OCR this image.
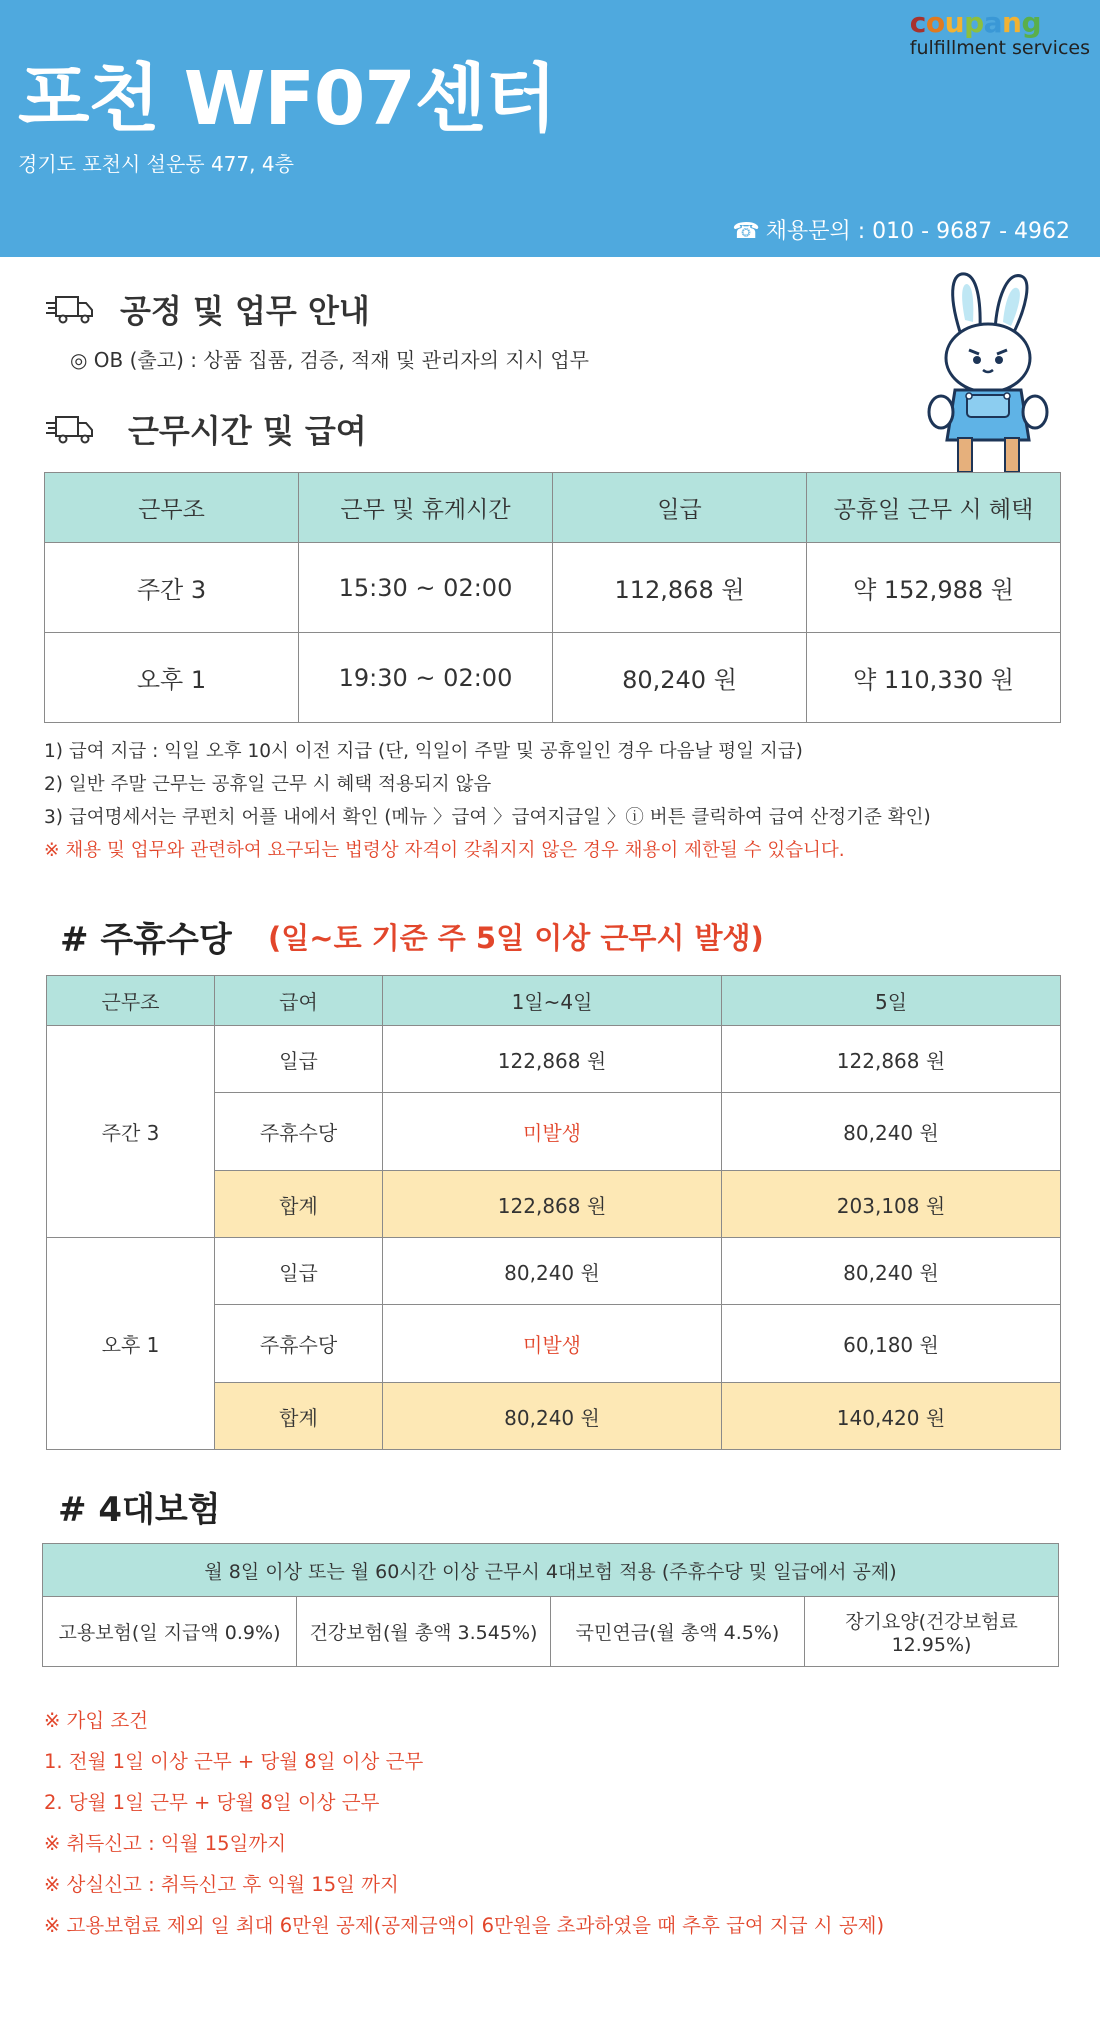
포천 WF07센터
경기도 포천시 설운동 477, 4층
☎ 채용문의 : 010 - 9687 - 4962
coupang
fulfillment services
공정 및 업무 안내
◎ OB (출고) : 상품 집품, 검증, 적재 및 관리자의 지시 업무
근무시간 및 급여
근무조	근무 및 휴게시간	일급	공휴일 근무 시 혜택
주간 3	15:30 ~ 02:00	112,868 원	약 152,988 원
오후 1	19:30 ~ 02:00	80,240 원	약 110,330 원
1) 급여 지급 : 익일 오후 10시 이전 지급 (단, 익일이 주말 및 공휴일인 경우 다음날 평일 지급)
2) 일반 주말 근무는 공휴일 근무 시 혜택 적용되지 않음
3) 급여명세서는 쿠펀치 어플 내에서 확인 (메뉴 〉급여 〉급여지급일 〉ⓘ 버튼 클릭하여 급여 산정기준 확인)
※ 채용 및 업무와 관련하여 요구되는 법령상 자격이 갖춰지지 않은 경우 채용이 제한될 수 있습니다.
# 주휴수당 (일~토 기준 주 5일 이상 근무시 발생)
근무조	급여	1일~4일	5일
주간 3	일급	122,868 원	122,868 원
	주휴수당	미발생	80,240 원
	합계	122,868 원	203,108 원
오후 1	일급	80,240 원	80,240 원
	주휴수당	미발생	60,180 원
	합계	80,240 원	140,420 원
# 4대보험
월 8일 이상 또는 월 60시간 이상 근무시 4대보험 적용 (주휴수당 및 일급에서 공제)
고용보험(일 지급액 0.9%)	건강보험(월 총액 3.545%)	국민연금(월 총액 4.5%)	장기요양(건강보험료 12.95%)
※ 가입 조건
1. 전월 1일 이상 근무 + 당월 8일 이상 근무
2. 당월 1일 근무 + 당월 8일 이상 근무
※ 취득신고 : 익월 15일까지
※ 상실신고 : 취득신고 후 익월 15일 까지
※ 고용보험료 제외 일 최대 6만원 공제(공제금액이 6만원을 초과하였을 때 추후 급여 지급 시 공제)
